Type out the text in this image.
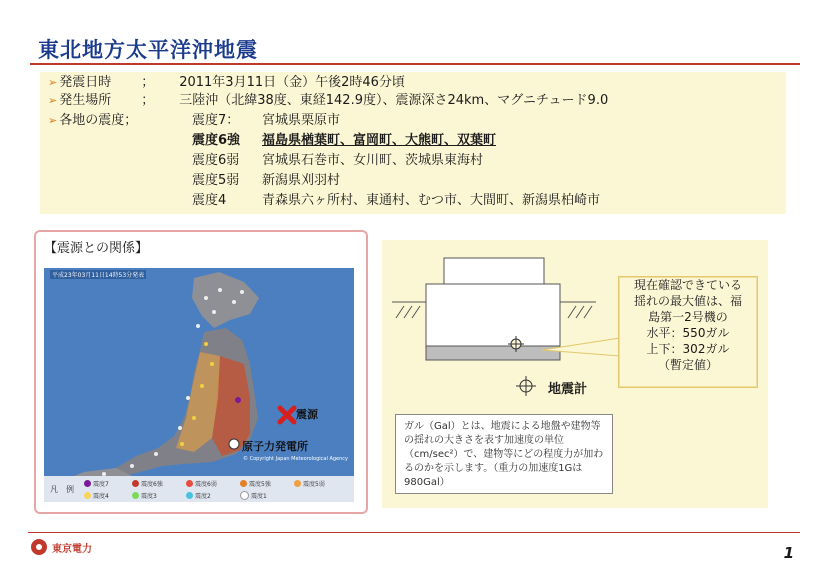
東北地方太平洋沖地震
➢ 発震日時 ； 2011年3月11日（金）午後2時46分頃
➢ 発生場所 ； 三陸沖（北緯38度、東経142.9度）、震源深さ24km、マグニチュード9.0
➢ 各地の震度；	震度7： 宮城県栗原市
震度6強 福島県楢葉町、富岡町、大熊町、双葉町
震度6弱 宮城県石巻市、女川町、茨城県東海村
震度5弱 新潟県刈羽村
震度4	青森県六ヶ所村、東通村、むつ市、大間町、新潟県柏崎市
【震源との関係】
平成23年03月11日14時53分発表
震源
原子力発電所
© Copyright Japan Meteorological Agency
凡　例
震度7	震度6強	震度6弱	震度5強	震度5弱
震度4	震度3	震度2	震度1
現在確認できている
揺れの最大値は、福
島第一2号機の
水平：550ガル
上下：302ガル
（暫定値）
地震計
ガル（Gal）とは、地震による地盤や建物等の揺れの大きさを表す加速度の単位（cm/sec²）で、建物等にどの程度力が加わるのかを示します。（重力の加速度1Gは980Gal）
東京電力	1
